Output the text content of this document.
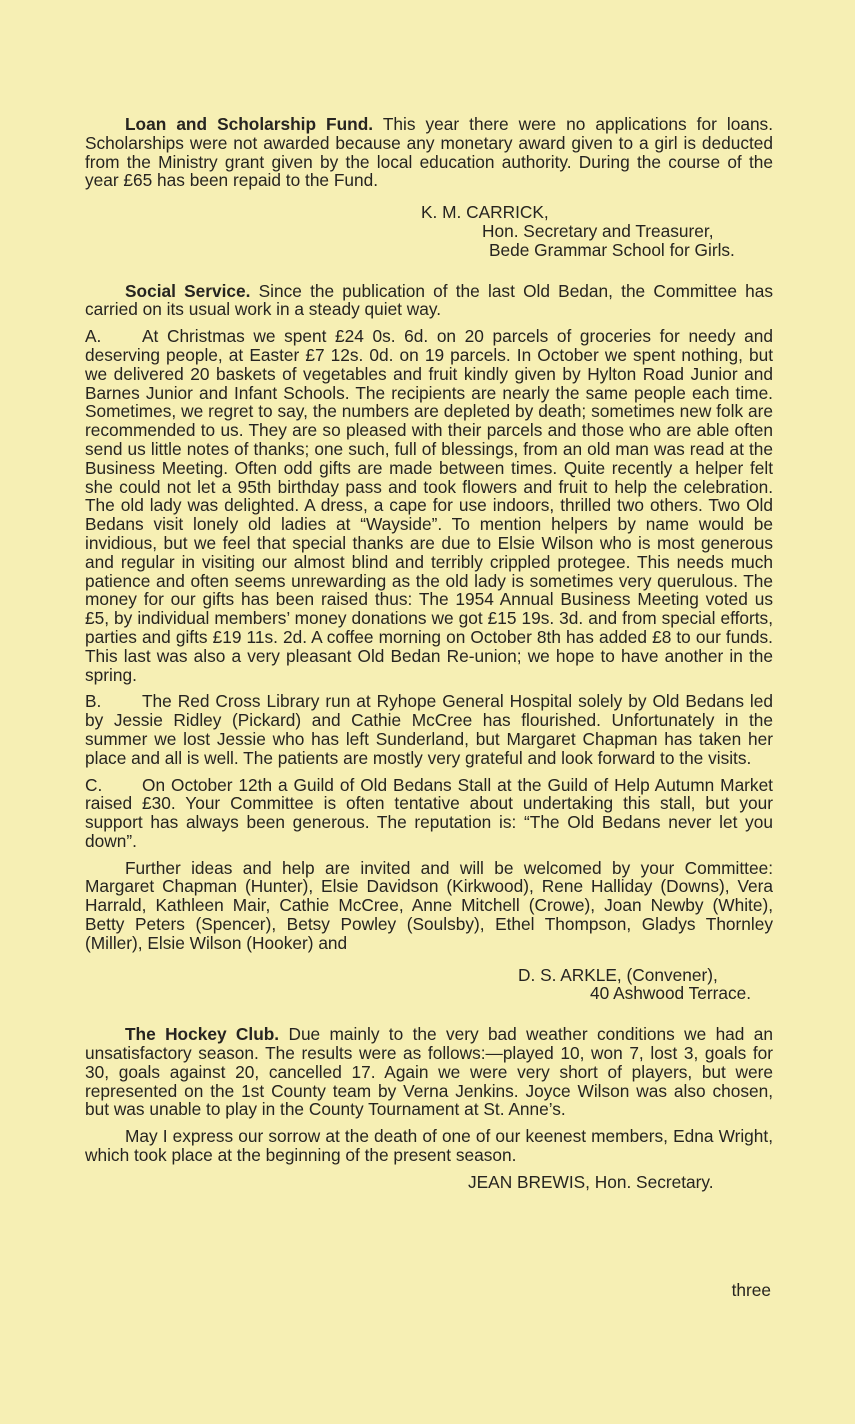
Loan and Scholarship Fund. This year there were no applications for loans. Scholarships were not awarded because any monetary award given to a girl is deducted from the Ministry grant given by the local education authority. During the course of the year £65 has been repaid to the Fund.

K. M. CARRICK,

Hon. Secretary and Treasurer,

Bede Grammar School for Girls.

Social Service. Since the publication of the last Old Bedan, the Committee has carried on its usual work in a steady quiet way.

A. At Christmas we spent £24 0s. 6d. on 20 parcels of groceries for needy and deserving people, at Easter £7 12s. 0d. on 19 parcels. In October we spent nothing, but we delivered 20 baskets of vegetables and fruit kindly given by Hylton Road Junior and Barnes Junior and Infant Schools. The recipients are nearly the same people each time. Sometimes, we regret to say, the numbers are depleted by death; sometimes new folk are recommended to us. They are so pleased with their parcels and those who are able often send us little notes of thanks; one such, full of blessings, from an old man was read at the Business Meeting. Often odd gifts are made between times. Quite recently a helper felt she could not let a 95th birthday pass and took flowers and fruit to help the celebration. The old lady was delighted. A dress, a cape for use indoors, thrilled two others. Two Old Bedans visit lonely old ladies at “Wayside”. To mention helpers by name would be invidious, but we feel that special thanks are due to Elsie Wilson who is most generous and regular in visiting our almost blind and terribly crippled protegee. This needs much patience and often seems unrewarding as the old lady is sometimes very querulous. The money for our gifts has been raised thus: The 1954 Annual Business Meeting voted us £5, by individual members’ money donations we got £15 19s. 3d. and from special efforts, parties and gifts £19 11s. 2d. A coffee morning on October 8th has added £8 to our funds. This last was also a very pleasant Old Bedan Re-union; we hope to have another in the spring.

B. The Red Cross Library run at Ryhope General Hospital solely by Old Bedans led by Jessie Ridley (Pickard) and Cathie McCree has flourished. Unfortunately in the summer we lost Jessie who has left Sunderland, but Margaret Chapman has taken her place and all is well. The patients are mostly very grateful and look forward to the visits.

C. On October 12th a Guild of Old Bedans Stall at the Guild of Help Autumn Market raised £30. Your Committee is often tentative about undertaking this stall, but your support has always been generous. The reputation is: “The Old Bedans never let you down”.

Further ideas and help are invited and will be welcomed by your Committee: Margaret Chapman (Hunter), Elsie Davidson (Kirkwood), Rene Halliday (Downs), Vera Harrald, Kathleen Mair, Cathie McCree, Anne Mitchell (Crowe), Joan Newby (White), Betty Peters (Spencer), Betsy Powley (Soulsby), Ethel Thompson, Gladys Thornley (Miller), Elsie Wilson (Hooker) and

D. S. ARKLE, (Convener),

40 Ashwood Terrace.

The Hockey Club. Due mainly to the very bad weather conditions we had an unsatisfactory season. The results were as follows:—played 10, won 7, lost 3, goals for 30, goals against 20, cancelled 17. Again we were very short of players, but were represented on the 1st County team by Verna Jenkins. Joyce Wilson was also chosen, but was unable to play in the County Tournament at St. Anne’s.

May I express our sorrow at the death of one of our keenest members, Edna Wright, which took place at the beginning of the present season.

JEAN BREWIS, Hon. Secretary.

three
